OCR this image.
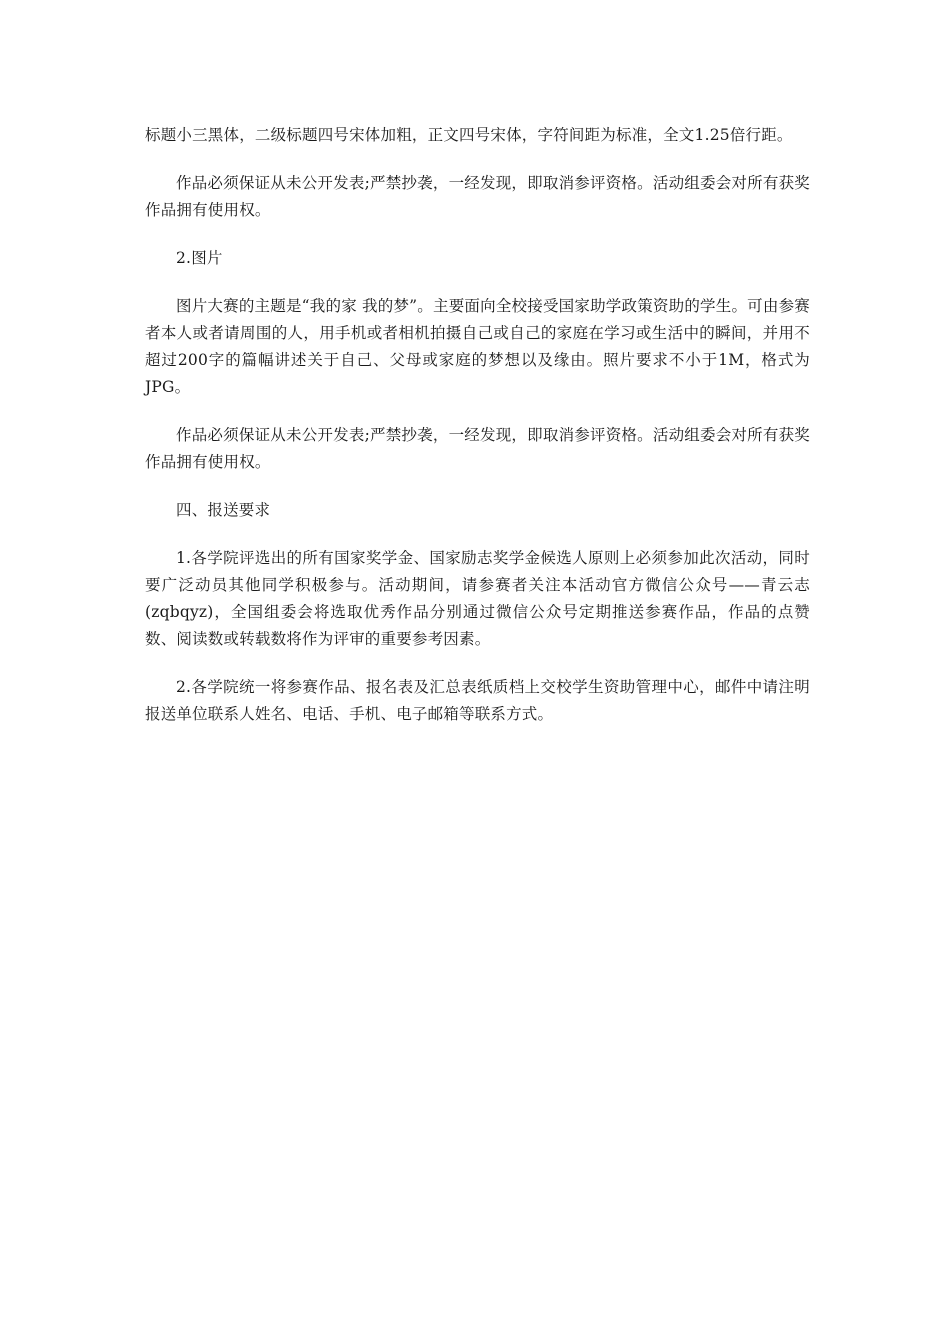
标题小三黑体，二级标题四号宋体加粗，正文四号宋体，字符间距为标准，全文1.25倍行距。

作品必须保证从未公开发表;严禁抄袭，一经发现，即取消参评资格。活动组委会对所有获奖作品拥有使用权。

2.图片

图片大赛的主题是“我的家 我的梦”。主要面向全校接受国家助学政策资助的学生。可由参赛者本人或者请周围的人，用手机或者相机拍摄自己或自己的家庭在学习或生活中的瞬间，并用不超过200字的篇幅讲述关于自己、父母或家庭的梦想以及缘由。照片要求不小于1M，格式为JPG。

作品必须保证从未公开发表;严禁抄袭，一经发现，即取消参评资格。活动组委会对所有获奖作品拥有使用权。

四、报送要求

1.各学院评选出的所有国家奖学金、国家励志奖学金候选人原则上必须参加此次活动，同时要广泛动员其他同学积极参与。活动期间，请参赛者关注本活动官方微信公众号——青云志(zqbqyz)，全国组委会将选取优秀作品分别通过微信公众号定期推送参赛作品，作品的点赞数、阅读数或转载数将作为评审的重要参考因素。

2.各学院统一将参赛作品、报名表及汇总表纸质档上交校学生资助管理中心，邮件中请注明报送单位联系人姓名、电话、手机、电子邮箱等联系方式。
